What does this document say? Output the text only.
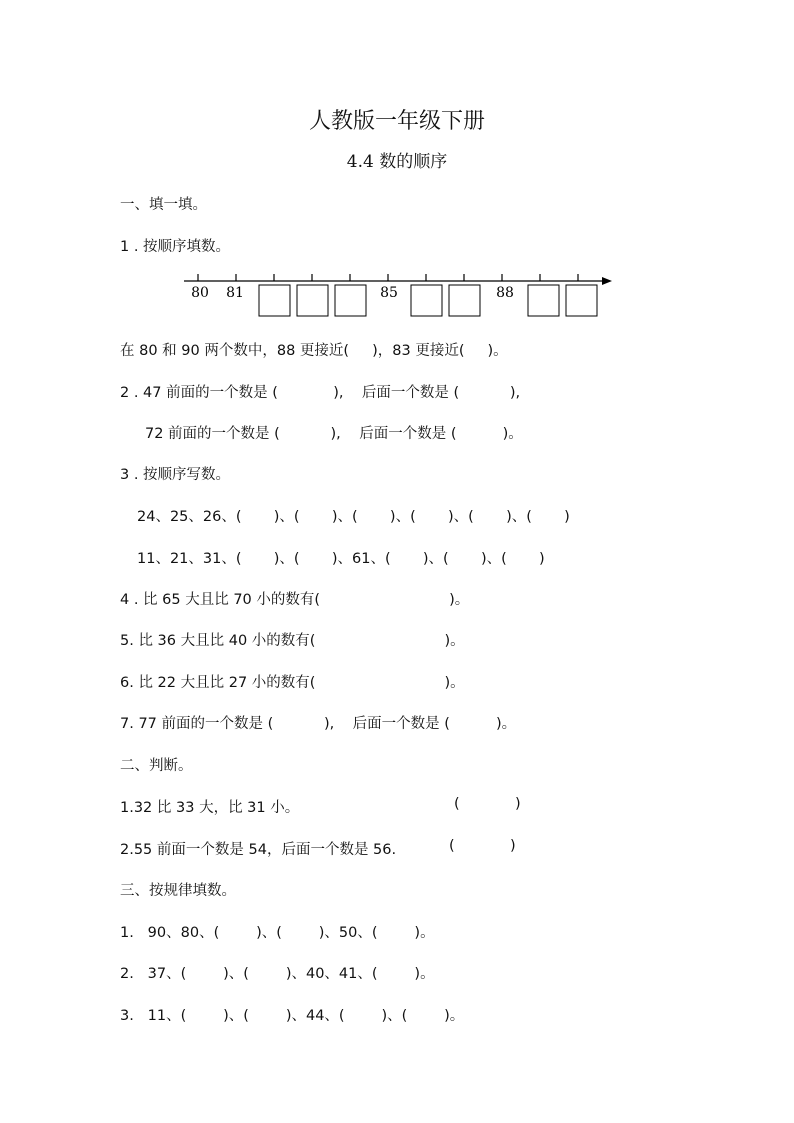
人教版一年级下册
4.4 数的顺序
一、填一填。
1 . 按顺序填数。
80 81	85	88
在 80 和 90 两个数中，88 更接近(     )，83 更接近(     )。
2 . 47 前面的一个数是 (            ),    后面一个数是 (           ),
72 前面的一个数是 (           ),    后面一个数是 (          )。
3 . 按顺序写数。
24、25、26、(       )、(       )、(       )、(       )、(       )、(       )
11、21、31、(       )、(       )、61、(       )、(       )、(       )
4 . 比 65 大且比 70 小的数有(                            )。
5. 比 36 大且比 40 小的数有(                            )。
6. 比 22 大且比 27 小的数有(                            )。
7. 77 前面的一个数是 (           ),    后面一个数是 (          )。
二、判断。
1.32 比 33 大，比 31 小。	(            )
2.55 前面一个数是 54，后面一个数是 56.	(            )
三、按规律填数。
1.   90、80、(        )、(        )、50、(        )。
2.   37、(        )、(        )、40、41、(        )。
3.   11、(        )、(        )、44、(        )、(        )。
